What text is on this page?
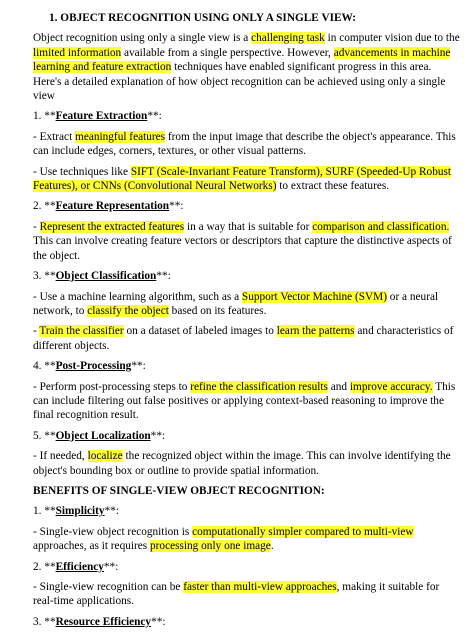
1. OBJECT RECOGNITION USING ONLY A SINGLE VIEW:

Object recognition using only a single view is a challenging task in computer vision due to the limited information available from a single perspective. However, advancements in machine learning and feature extraction techniques have enabled significant progress in this area. Here's a detailed explanation of how object recognition can be achieved using only a single view

1. **Feature Extraction**:

- Extract meaningful features from the input image that describe the object's appearance. This can include edges, corners, textures, or other visual patterns.

- Use techniques like SIFT (Scale-Invariant Feature Transform), SURF (Speeded-Up Robust Features), or CNNs (Convolutional Neural Networks) to extract these features.

2. **Feature Representation**:

- Represent the extracted features in a way that is suitable for comparison and classification. This can involve creating feature vectors or descriptors that capture the distinctive aspects of the object.

3. **Object Classification**:

- Use a machine learning algorithm, such as a Support Vector Machine (SVM) or a neural network, to classify the object based on its features.

- Train the classifier on a dataset of labeled images to learn the patterns and characteristics of different objects.

4. **Post-Processing**:

- Perform post-processing steps to refine the classification results and improve accuracy. This can include filtering out false positives or applying context-based reasoning to improve the final recognition result.

5. **Object Localization**:

- If needed, localize the recognized object within the image. This can involve identifying the object's bounding box or outline to provide spatial information.

BENEFITS OF SINGLE-VIEW OBJECT RECOGNITION:

1. **Simplicity**:

- Single-view object recognition is computationally simpler compared to multi-view approaches, as it requires processing only one image.

2. **Efficiency**:

- Single-view recognition can be faster than multi-view approaches, making it suitable for real-time applications.

3. **Resource Efficiency**:
